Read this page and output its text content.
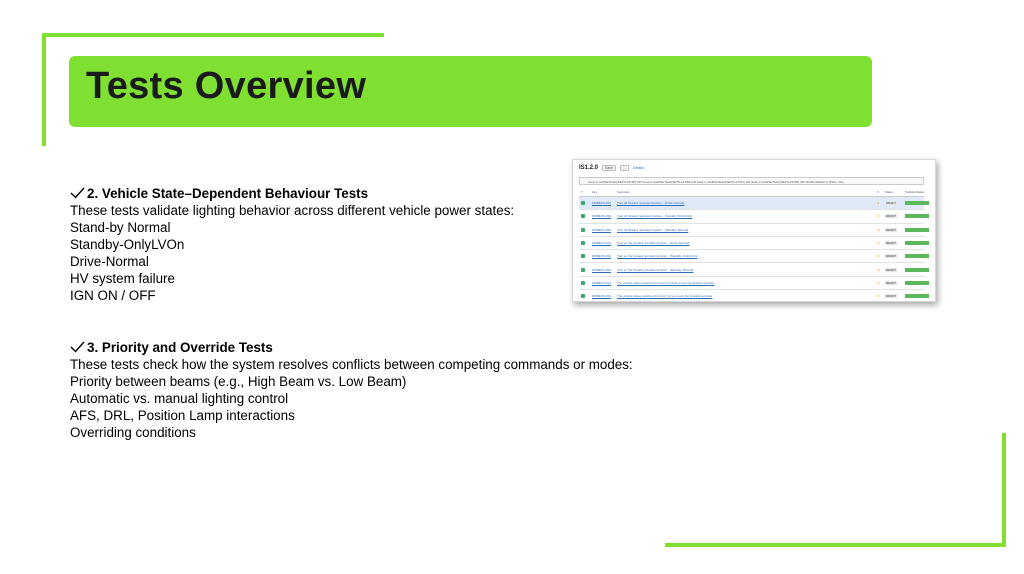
Tests Overview
2. Vehicle State–Dependent Behaviour Tests
These tests validate lighting behavior across different vehicle power states:
Stand-by Normal
Standby-OnlyLVOn
Drive-Normal
HV system failure
IGN ON / OFF
3. Priority and Override Tests
These tests check how the system resolves conflicts between competing commands or modes:
Priority between beams (e.g., High Beam vs. Low Beam)
Automatic vs. manual lighting control
AFS, DRL, Position Lamp interactions
Overriding conditions
IS1.2.0	Save	...	Details
issue in testPlanTests(SETD-21760) OR issue in testPlanTests(SETD-21784) OR issue in testPlanTests(SETD-21761) OR issue in testPlanTests(SETD-21782) OR TestRunStatus in (Pass, NG)
T	Key	Summary	V Status	TestRunStatus
MOBETO-207 Turn off forward reminder function - (Drive-Normal)	★	DRAFT
MOBETO-206 Turn off forward reminder function - (Standby-OnlyLVOn)	★	DRAFT
MOBETO-205 Turn off forward reminder function - (Standby-Normal)	★	DRAFT
MOBETO-204 Turn on the forward reminder function - (Drive-Normal)	★	DRAFT
MOBETO-203 Turn on the forward reminder function - (Standby-OnlyLVOn)	★	DRAFT
MOBETO-202 Turn on the forward reminder function - (Standby-Normal)	★	DRAFT
MOBETO-201 The vehicle status switches from GoT to GoN to exit the forward reminder	★	DRAFT
MOBETO-200 The vehicle status switches from GoT to Go to exit the forward reminder	★	DRAFT
